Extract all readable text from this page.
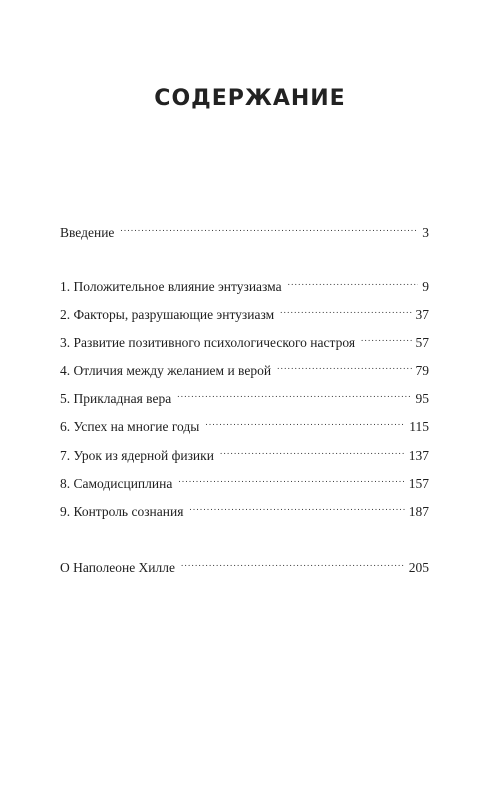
СОДЕРЖАНИЕ
Введение . . .	3
1. Положительное влияние энтузиазма . . .	9
2. Факторы, разрушающие энтузиазм . . .	37
3. Развитие позитивного психологического настроя . . .	57
4. Отличия между желанием и верой . . .	79
5. Прикладная вера . . .	95
6. Успех на многие годы . . .	115
7. Урок из ядерной физики . . .	137
8. Самодисциплина . . .	157
9. Контроль сознания . . .	187
О Наполеоне Хилле . . .	205
